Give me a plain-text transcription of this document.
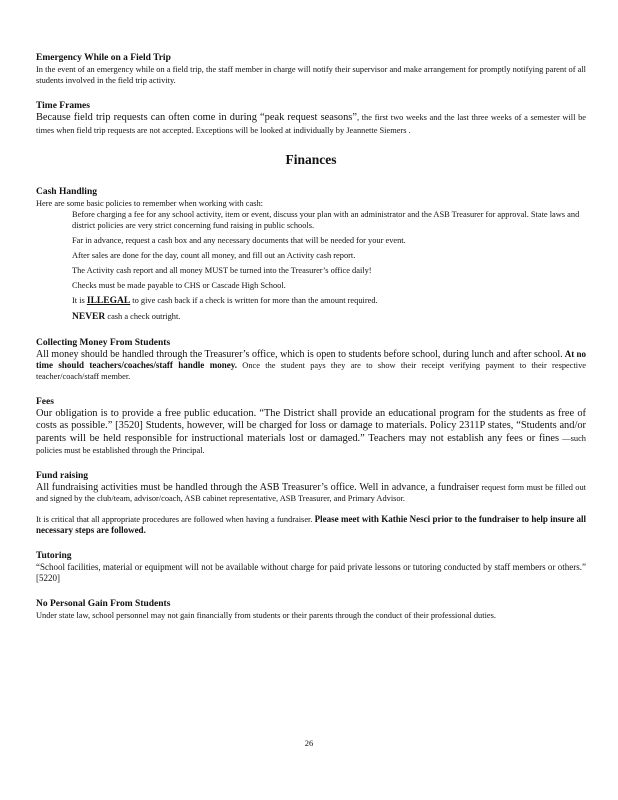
Emergency While on a Field Trip

In the event of an emergency while on a field trip, the staff member in charge will notify their supervisor and make arrangement for promptly notifying parent of all students involved in the field trip activity.

Time Frames

Because field trip requests can often come in during “peak request seasons”, the first two weeks and the last three weeks of a semester will be times when field trip requests are not accepted. Exceptions will be looked at individually by Jeannette Siemers .

Finances

Cash Handling

Here are some basic policies to remember when working with cash:

Before charging a fee for any school activity, item or event, discuss your plan with an administrator and the ASB Treasurer for approval. State laws and district policies are very strict concerning fund raising in public schools.
Far in advance, request a cash box and any necessary documents that will be needed for your event.
After sales are done for the day, count all money, and fill out an Activity cash report.
The Activity cash report and all money MUST be turned into the Treasurer’s office daily!
Checks must be made payable to CHS or Cascade High School.
It is ILLEGAL to give cash back if a check is written for more than the amount required.
NEVER cash a check outright.

Collecting Money From Students

All money should be handled through the Treasurer’s office, which is open to students before school, during lunch and after school. At no time should teachers/coaches/staff handle money. Once the student pays they are to show their receipt verifying payment to their respective teacher/coach/staff member.

Fees

Our obligation is to provide a free public education. “The District shall provide an educational program for the students as free of costs as possible.” [3520] Students, however, will be charged for loss or damage to materials. Policy 2311P states, “Students and/or parents will be held responsible for instructional materials lost or damaged.” Teachers may not establish any fees or fines —such policies must be established through the Principal.

Fund raising

All fundraising activities must be handled through the ASB Treasurer’s office. Well in advance, a fundraiser request form must be filled out and signed by the club/team, advisor/coach, ASB cabinet representative, ASB Treasurer, and Primary Advisor.

It is critical that all appropriate procedures are followed when having a fundraiser. Please meet with Kathie Nesci prior to the fundraiser to help insure all necessary steps are followed.

Tutoring

“School facilities, material or equipment will not be available without charge for paid private lessons or tutoring conducted by staff members or others.” [5220]

No Personal Gain From Students

Under state law, school personnel may not gain financially from students or their parents through the conduct of their professional duties.

26
